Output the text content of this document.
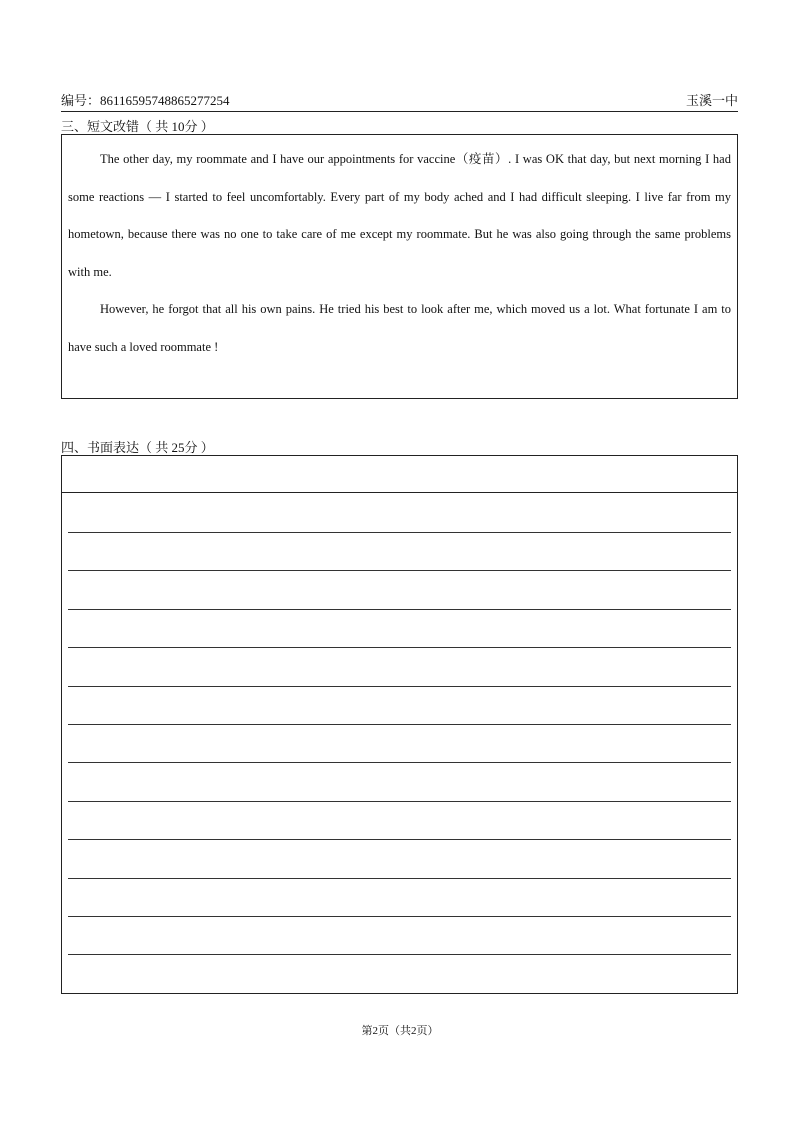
编号：86116595748865277254	玉溪一中
三、短文改错（ 共 10分 ）

The other day, my roommate and I have our appointments for vaccine（疫苗）. I was OK that day, but next morning I had some reactions — I started to feel uncomfortably. Every part of my body ached and I had difficult sleeping. I live far from my hometown, because there was no one to take care of me except my roommate. But he was also going through the same problems with me.

However, he forgot that all his own pains. He tried his best to look after me, which moved us a lot. What fortunate I am to have such a loved roommate !

四、书面表达（ 共 25分 ）
第2页（共2页）
